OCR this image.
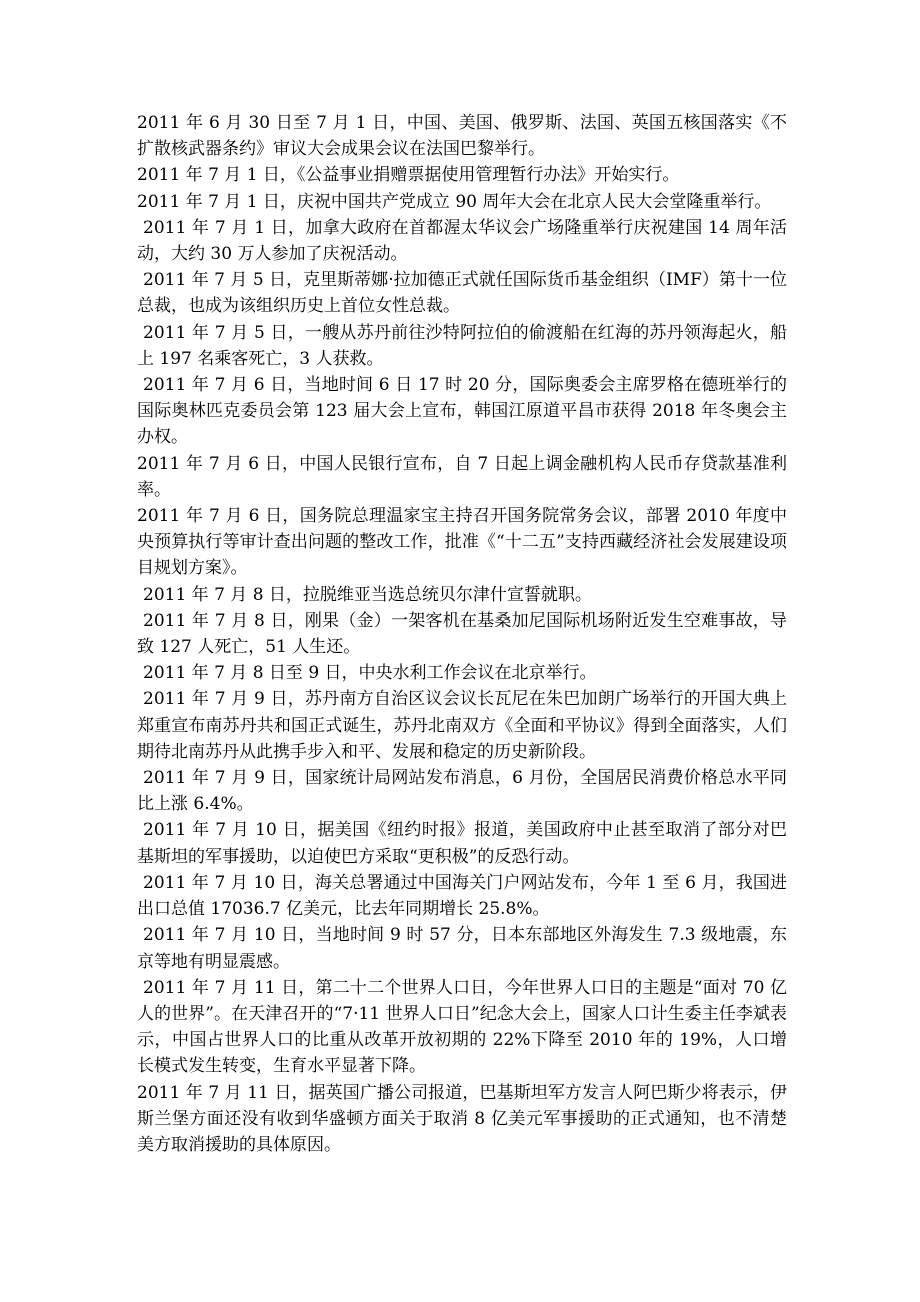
2011 年 6 月 30 日至 7 月 1 日，中国、美国、俄罗斯、法国、英国五核国落实《不扩散核武器条约》审议大会成果会议在法国巴黎举行。

2011 年 7 月 1 日，《公益事业捐赠票据使用管理暂行办法》开始实行。

2011 年 7 月 1 日，庆祝中国共产党成立 90 周年大会在北京人民大会堂隆重举行。

2011 年 7 月 1 日，加拿大政府在首都渥太华议会广场隆重举行庆祝建国 14 周年活动，大约 30 万人参加了庆祝活动。

2011 年 7 月 5 日，克里斯蒂娜·拉加德正式就任国际货币基金组织（IMF）第十一位总裁，也成为该组织历史上首位女性总裁。

2011 年 7 月 5 日，一艘从苏丹前往沙特阿拉伯的偷渡船在红海的苏丹领海起火，船上 197 名乘客死亡，3 人获救。

2011 年 7 月 6 日，当地时间 6 日 17 时 20 分，国际奥委会主席罗格在德班举行的国际奥林匹克委员会第 123 届大会上宣布，韩国江原道平昌市获得 2018 年冬奥会主办权。

2011 年 7 月 6 日，中国人民银行宣布，自 7 日起上调金融机构人民币存贷款基准利率。

2011 年 7 月 6 日，国务院总理温家宝主持召开国务院常务会议，部署 2010 年度中央预算执行等审计查出问题的整改工作，批准《“十二五”支持西藏经济社会发展建设项目规划方案》。

2011 年 7 月 8 日，拉脱维亚当选总统贝尔津什宣誓就职。

2011 年 7 月 8 日，刚果（金）一架客机在基桑加尼国际机场附近发生空难事故，导致 127 人死亡，51 人生还。

2011 年 7 月 8 日至 9 日，中央水利工作会议在北京举行。

2011 年 7 月 9 日，苏丹南方自治区议会议长瓦尼在朱巴加朗广场举行的开国大典上郑重宣布南苏丹共和国正式诞生，苏丹北南双方《全面和平协议》得到全面落实，人们期待北南苏丹从此携手步入和平、发展和稳定的历史新阶段。

2011 年 7 月 9 日，国家统计局网站发布消息，6 月份，全国居民消费价格总水平同比上涨 6.4%。

2011 年 7 月 10 日，据美国《纽约时报》报道，美国政府中止甚至取消了部分对巴基斯坦的军事援助，以迫使巴方采取“更积极”的反恐行动。

2011 年 7 月 10 日，海关总署通过中国海关门户网站发布，今年 1 至 6 月，我国进出口总值 17036.7 亿美元，比去年同期增长 25.8%。

2011 年 7 月 10 日，当地时间 9 时 57 分，日本东部地区外海发生 7.3 级地震，东京等地有明显震感。

2011 年 7 月 11 日，第二十二个世界人口日，今年世界人口日的主题是“面对 70 亿人的世界”。在天津召开的“7·11 世界人口日”纪念大会上，国家人口计生委主任李斌表示，中国占世界人口的比重从改革开放初期的 22%下降至 2010 年的 19%，人口增长模式发生转变，生育水平显著下降。

2011 年 7 月 11 日，据英国广播公司报道，巴基斯坦军方发言人阿巴斯少将表示，伊斯兰堡方面还没有收到华盛顿方面关于取消 8 亿美元军事援助的正式通知，也不清楚美方取消援助的具体原因。
